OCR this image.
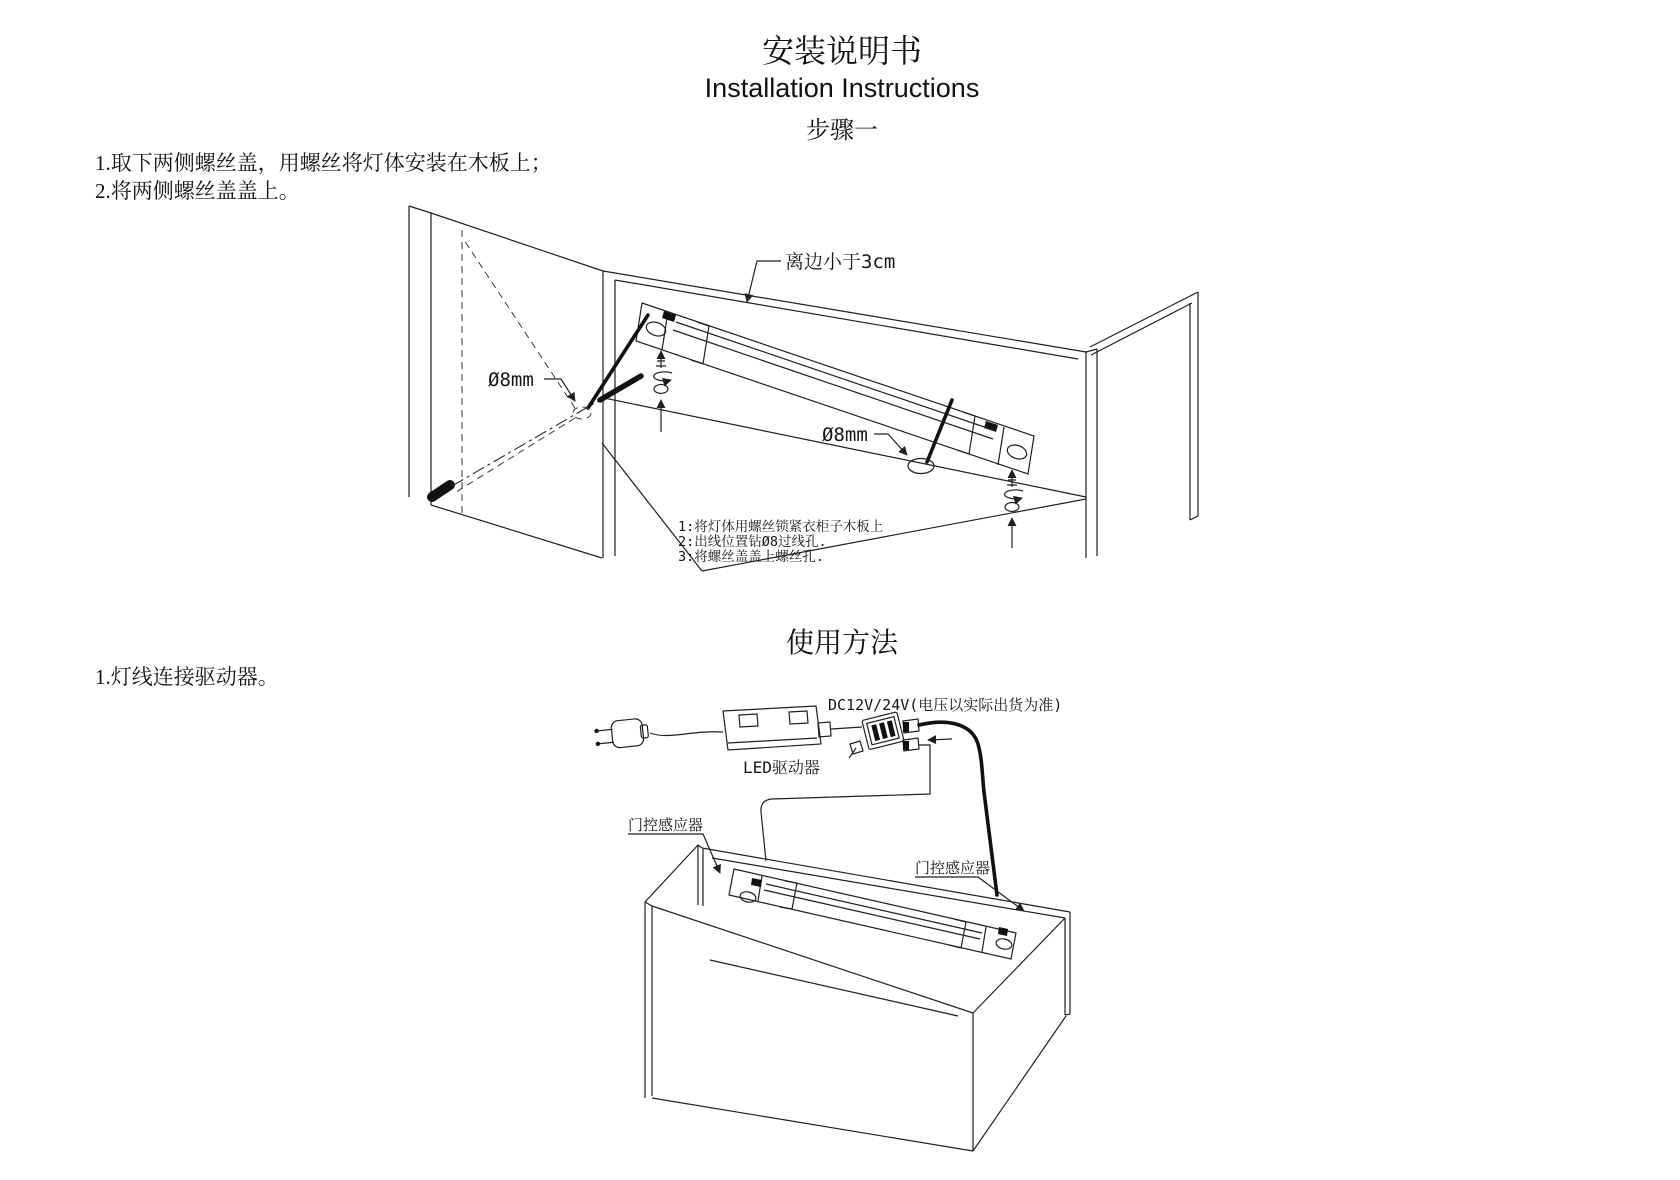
安装说明书
Installation Instructions
步骤一
1.取下两侧螺丝盖，用螺丝将灯体安装在木板上；
2.将两侧螺丝盖盖上。
离边小于3cm
Ø8mm
Ø8mm
1:将灯体用螺丝锁紧衣柜子木板上
2:出线位置钻Ø8过线孔.
3:将螺丝盖盖上螺丝孔.
使用方法
1.灯线连接驱动器。
DC12V/24V(电压以实际出货为准)
LED驱动器
门控感应器
门控感应器
